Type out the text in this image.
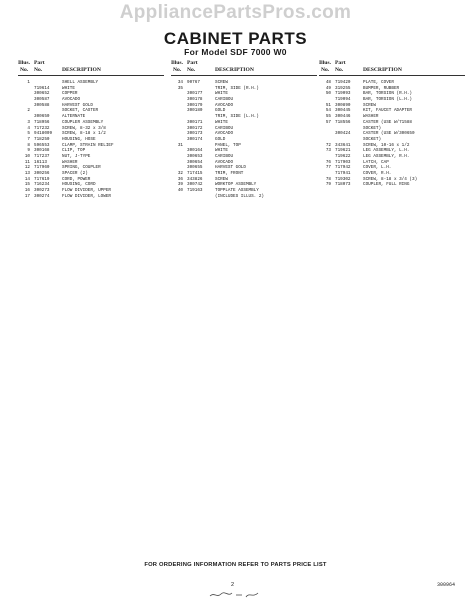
AppliancePartsPros.com
CABINET PARTS
For Model SDF 7000 W0
Illus.
No.
Part
No.	DESCRIPTION
1	SHELL ASSEMBLY
719614	WHITE
300652	COPPER
300587	AVOCADO
300588	HARVEST GOLD
2	SOCKET, CASTER
300650	ALTERNATE
3 718956	COUPLER ASSEMBLY
4 717232	SCREW, 8-32 x 3/8
5 9418009 SCREW, 8-18 x 1/2
7 718250	HOUSING, HOSE
8 596553	CLAMP, STRAIN RELIEF
9 300168	CLIP, TOP
10 717237	NUT, J-TYPE
11 16113	WASHER
12 717960	SPRING, COUPLER
13 300256	SPACER (2)
14 717619	CORD, POWER
15 716234	HOUSING, CORD
16 300273	FLOW DIVIDER, UPPER
17 300274	FLOW DIVIDER, LOWER
Illus.
No.
Part
No.	DESCRIPTION
34 90767	SCREW
35	TRIM, SIDE (R.H.)
300177	WHITE
300178	CARIBOU
300179	AVOCADO
300180	GOLD
TRIM, SIDE (L.H.)
300171	WHITE
300172	CARIBOU
300173	AVOCADO
300174	GOLD
31	PANEL, TOP
300164	WHITE
300653	CARIBOU
300654	AVOCADO
300655	HARVEST GOLD
32 717415	TRIM, FRONT
36 343826	SCREW
39 300742	WORKTOP ASSEMBLY
40 719163	TOPPLATE ASSEMBLY
(INCLUDES ILLUS. 2)
Illus.
No.
Part
No.	DESCRIPTION
48 719420	PLATE, COVER
49 319255	BUMPER, RUBBER
50 719093	BAR, TORSION (R.H.)
719094	BAR, TORSION (L.H.)
51 300890	SCREW
54 300445	KIT, FAUCET ADAPTER
55 300446	WASHER
57 718556	CASTER (USE W/71588
SOCKET)
300424	CASTER (USE W/300650
SOCKET)
72 343641	SCREW, 10-16 x 1/2
73 719621	LEG ASSEMBLY, L.H.
719622	LEG ASSEMBLY, R.H.
76 717903	LATCH, CAP
77 717942	COVER, L.H.
717941	COVER, R.H.
78 719302	SCREW, 8-18 x 3/4 (3)
79 718073	COUPLER, FULL RING
FOR ORDERING INFORMATION REFER TO PARTS PRICE LIST
2	300964
